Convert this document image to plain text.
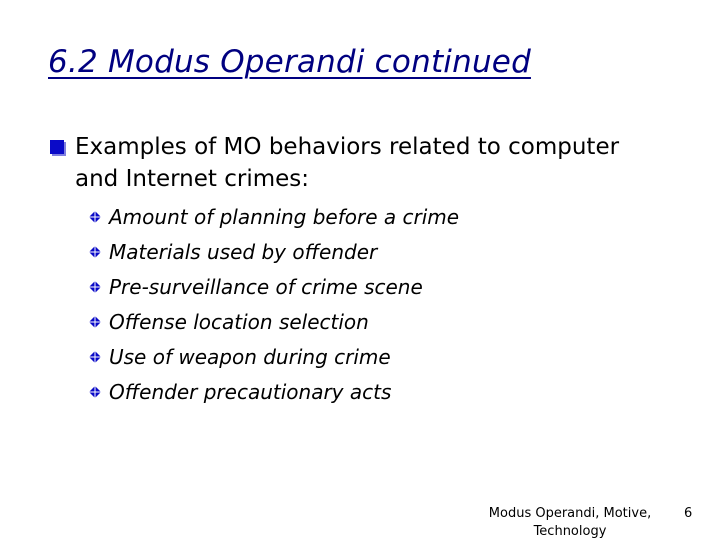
6.2 Modus Operandi continued
Examples of MO behaviors related to computer and Internet crimes:
Amount of planning before a crime
Materials used by offender
Pre-surveillance of crime scene
Offense location selection
Use of weapon during crime
Offender precautionary acts
Modus Operandi, Motive, Technology
6
